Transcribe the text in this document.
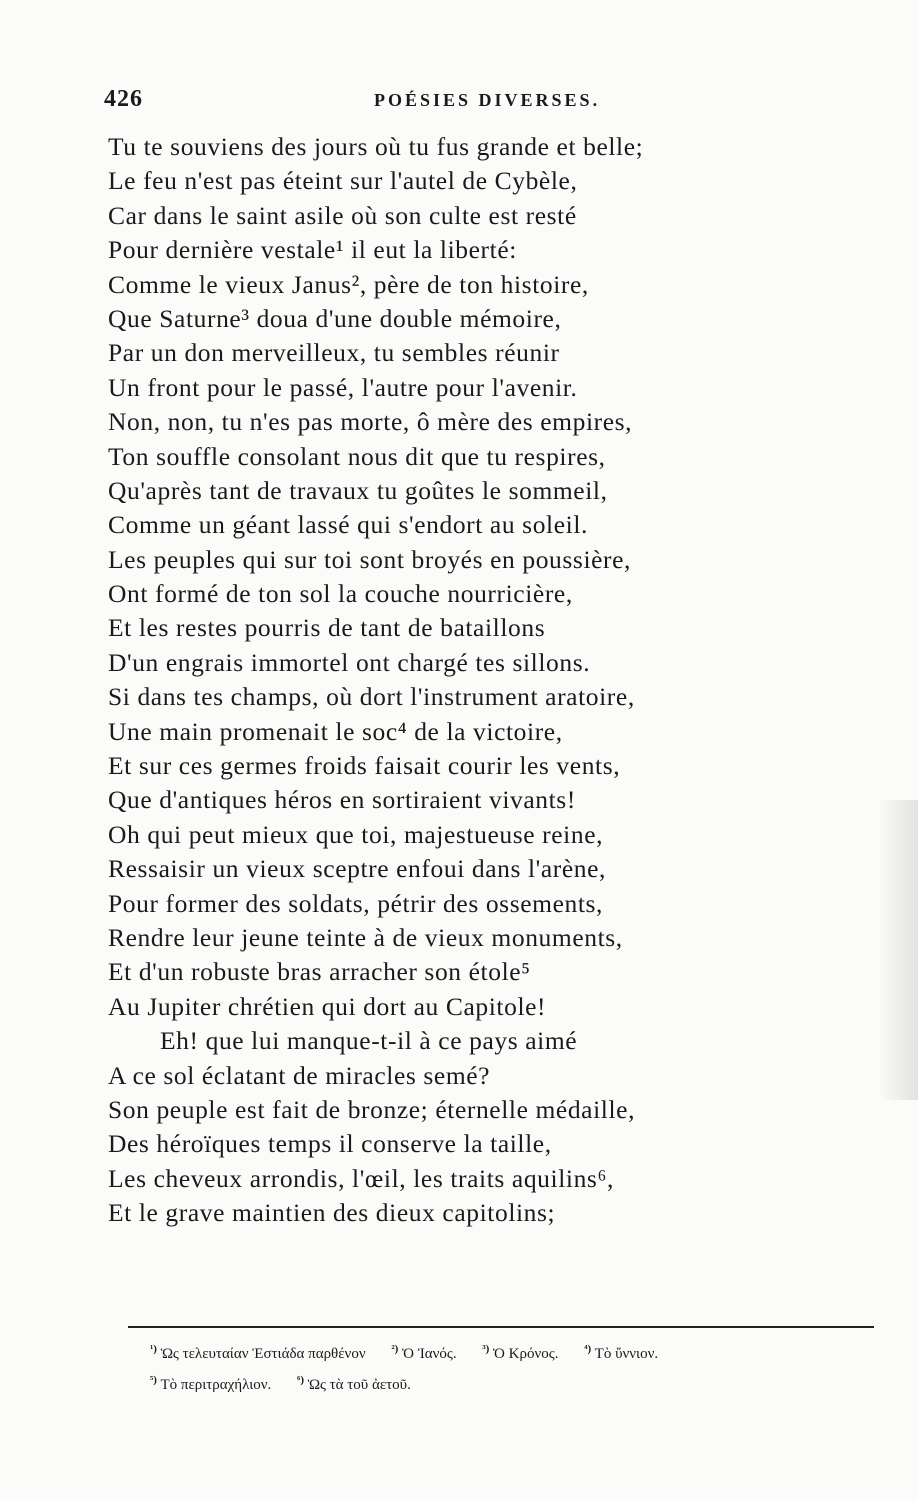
426	POÉSIES DIVERSES.
Tu te souviens des jours où tu fus grande et belle;
Le feu n'est pas éteint sur l'autel de Cybèle,
Car dans le saint asile où son culte est resté
Pour dernière vestale¹ il eut la liberté:
Comme le vieux Janus², père de ton histoire,
Que Saturne³ doua d'une double mémoire,
Par un don merveilleux, tu sembles réunir
Un front pour le passé, l'autre pour l'avenir.
Non, non, tu n'es pas morte, ô mère des empires,
Ton souffle consolant nous dit que tu respires,
Qu'après tant de travaux tu goûtes le sommeil,
Comme un géant lassé qui s'endort au soleil.
Les peuples qui sur toi sont broyés en poussière,
Ont formé de ton sol la couche nourricière,
Et les restes pourris de tant de bataillons
D'un engrais immortel ont chargé tes sillons.
Si dans tes champs, où dort l'instrument aratoire,
Une main promenait le soc⁴ de la victoire,
Et sur ces germes froids faisait courir les vents,
Que d'antiques héros en sortiraient vivants!
Oh qui peut mieux que toi, majestueuse reine,
Ressaisir un vieux sceptre enfoui dans l'arène,
Pour former des soldats, pétrir des ossements,
Rendre leur jeune teinte à de vieux monuments,
Et d'un robuste bras arracher son étole⁵
Au Jupiter chrétien qui dort au Capitole!
Eh! que lui manque-t-il à ce pays aimé
A ce sol éclatant de miracles semé?
Son peuple est fait de bronze; éternelle médaille,
Des héroïques temps il conserve la taille,
Les cheveux arrondis, l'œil, les traits aquilins⁶,
Et le grave maintien des dieux capitolins;
$^{^1)}$ Ὡς τελευταίαν Ἑστιάδα παρθένον $^{^2)}$ Ὁ Ἰανός. $^{^3)}$ Ὁ Κρόνος. $^{^4)}$ Τὸ ὕννιον.
$^{^5)}$ Τὸ περιτραχήλιον. $^{^6)}$ Ὡς τὰ τοῦ ἀετοῦ.
